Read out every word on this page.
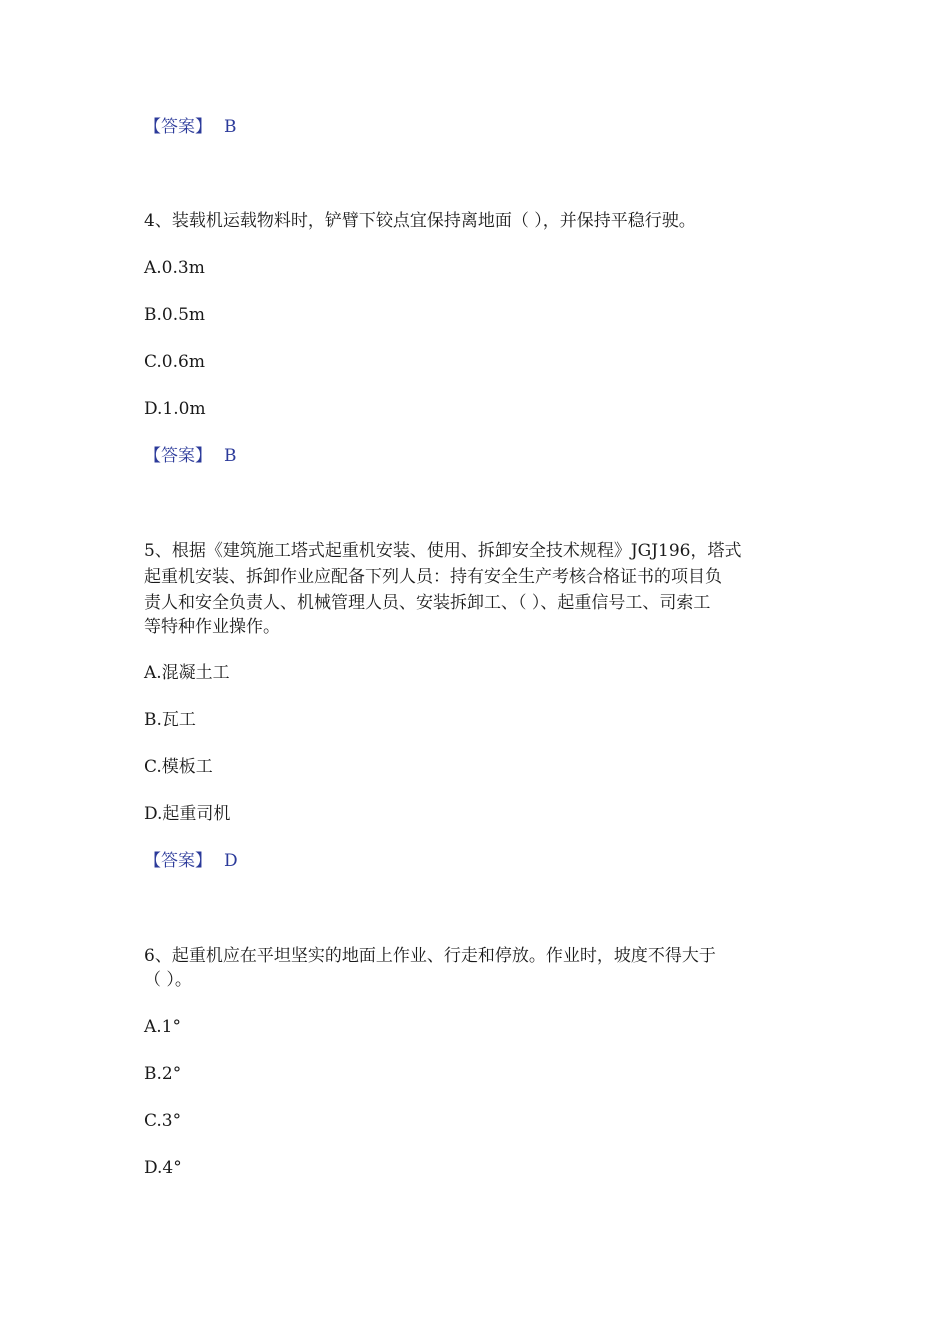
【答案】 B
4、装载机运载物料时，铲臂下铰点宜保持离地面（ ），并保持平稳行驶。
A.0.3m
B.0.5m
C.0.6m
D.1.0m
【答案】 B
5、根据《建筑施工塔式起重机安装、使用、拆卸安全技术规程》JGJ196，塔式
起重机安装、拆卸作业应配备下列人员：持有安全生产考核合格证书的项目负
责人和安全负责人、机械管理人员、安装拆卸工、（ ）、起重信号工、司索工
等特种作业操作。
A.混凝土工
B.瓦工
C.模板工
D.起重司机
【答案】 D
6、起重机应在平坦坚实的地面上作业、行走和停放。作业时，坡度不得大于
（ ）。
A.1°
B.2°
C.3°
D.4°
